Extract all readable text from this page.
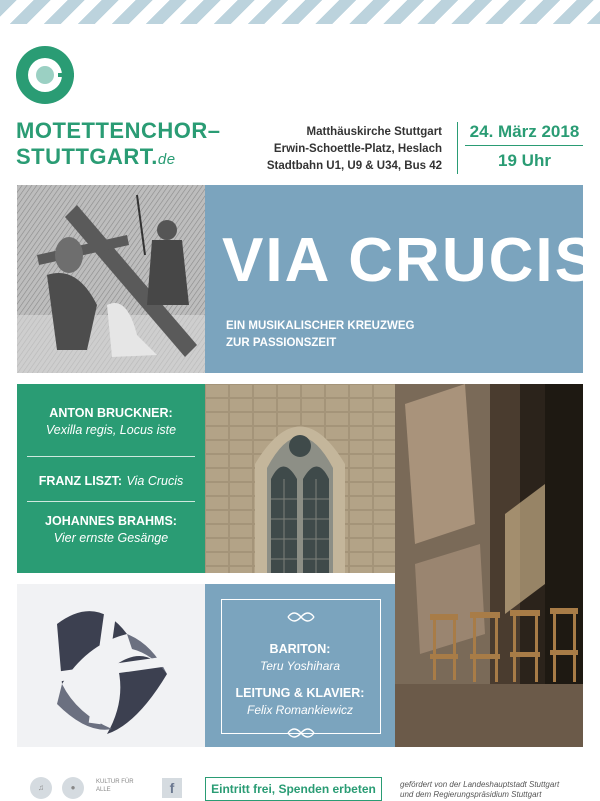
MOTETTENCHOR–
STUTTGART.de
Matthäuskirche Stuttgart
Erwin-Schoettle-Platz, Heslach
Stadtbahn U1, U9 & U34, Bus 42
24. März 2018
19 Uhr
VIA CRUCIS
EIN MUSIKALISCHER KREUZWEG
ZUR PASSIONSZEIT
ANTON BRUCKNER:
Vexilla regis, Locus iste
FRANZ LISZT: Via Crucis
JOHANNES BRAHMS:
Vier ernste Gesänge
BARITON:
Teru Yoshihara
LEITUNG & KLAVIER:
Felix Romankiewicz
♫	●
KULTUR FÜR ALLE	f	Eintritt frei, Spenden erbeten	gefördert von der Landeshauptstadt Stuttgart
und dem Regierungspräsidium Stuttgart
